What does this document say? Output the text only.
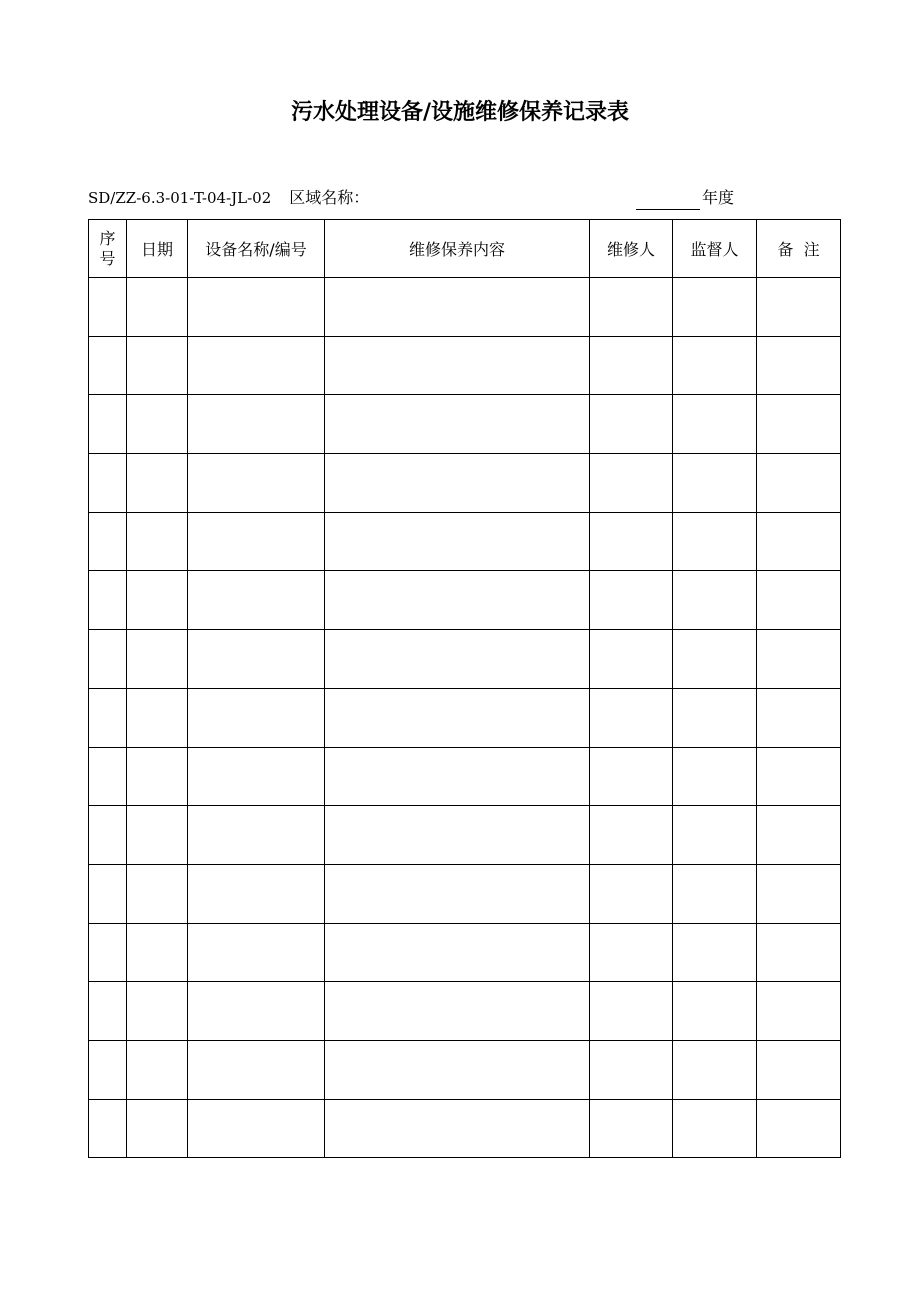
污水处理设备/设施维修保养记录表
SD/ZZ-6.3-01-T-04-JL-02 区域名称：	年度
序
号	日期	设备名称/编号	维修保养内容	维修人	监督人	备  注
